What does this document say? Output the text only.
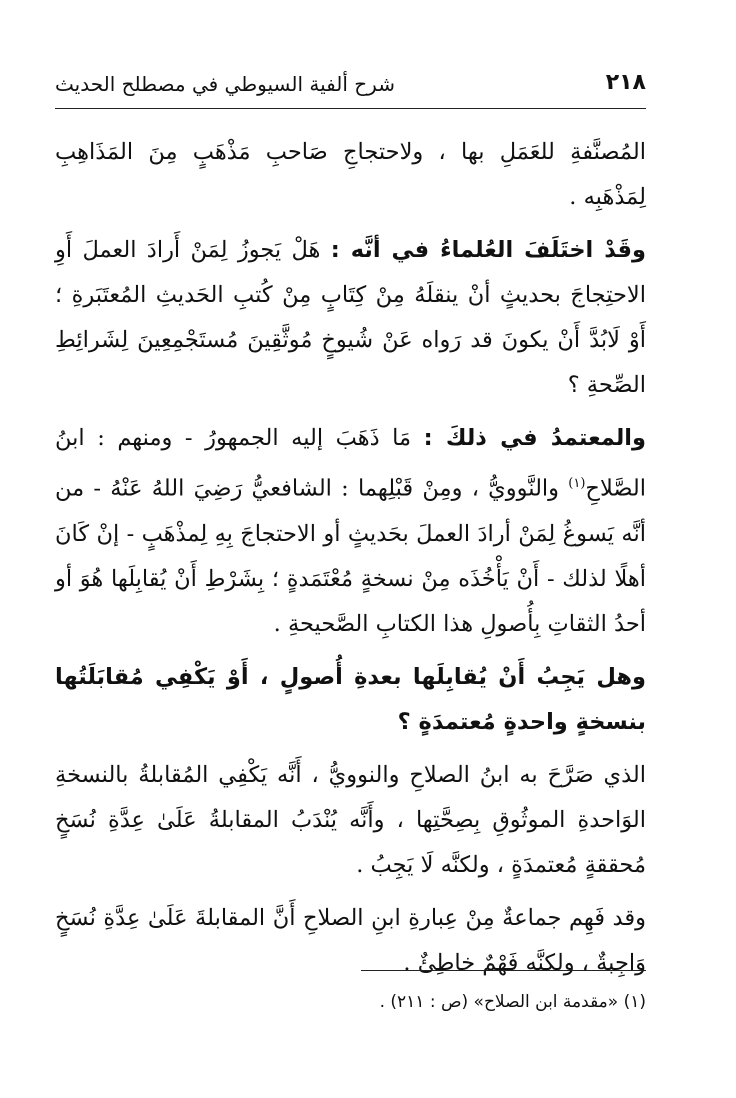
٢١٨
شرح ألفية السيوطي في مصطلح الحديث

المُصنَّفةِ للعَمَلِ بها ، ولاحتجاجِ صَاحبِ مَذْهَبٍ مِنَ المَذَاهِبِ لِمَذْهَبِه .

وقَدْ اختَلَفَ العُلماءُ في أنَّه : هَلْ يَجوزُ لِمَنْ أَرادَ العملَ أَوِ الاحتِجاجَ بحديثٍ أنْ ينقلَهُ مِنْ كِتَابٍ مِنْ كُتبِ الحَديثِ المُعتَبَرةِ ؛ أَوْ لَابُدَّ أَنْ يكونَ قد رَواه عَنْ شُيوخٍ مُوثَّقِينَ مُستَجْمِعِينَ لِشَرائِطِ الصِّحةِ ؟

والمعتمدُ في ذلكَ : مَا ذَهَبَ إليه الجمهورُ - ومنهم : ابنُ الصَّلاحِ$^{(١)}$ والنَّوويُّ ، ومِنْ قَبْلِهما : الشافعيُّ رَضِيَ اللهُ عَنْهُ - من أنَّه يَسوغُ لِمَنْ أرادَ العملَ بحَديثٍ أو الاحتجاجَ بِهِ لِمذْهَبٍ - إنْ كَانَ أهلًا لذلك - أَنْ يَأْخُذَه مِنْ نسخةٍ مُعْتَمَدةٍ ؛ بِشَرْطِ أَنْ يُقابِلَها هُوَ أو أحدُ الثقاتِ بِأُصولِ هذا الكتابِ الصَّحيحةِ .

وهل يَجِبُ أَنْ يُقابِلَها بعدةِ أُصولٍ ، أَوْ يَكْفِي مُقابَلَتُها بنسخةٍ واحدةٍ مُعتمدَةٍ ؟

الذي صَرَّحَ به ابنُ الصلاحِ والنوويُّ ، أَنَّه يَكْفِي المُقابلةُ بالنسخةِ الوَاحدةِ الموثُوقِ بِصِحَّتِها ، وأَنَّه يُنْدَبُ المقابلةُ عَلَىٰ عِدَّةِ نُسَخٍ مُحققةٍ مُعتمدَةٍ ، ولكنَّه لَا يَجِبُ .

وقد فَهِم جماعةٌ مِنْ عِبارةِ ابنِ الصلاحِ أَنَّ المقابلةَ عَلَىٰ عِدَّةِ نُسَخٍ وَاجِبةٌ ، ولكنَّه فَهْمٌ خاطِئٌ .

(١) «مقدمة ابن الصلاح» (ص : ٢١١) .
